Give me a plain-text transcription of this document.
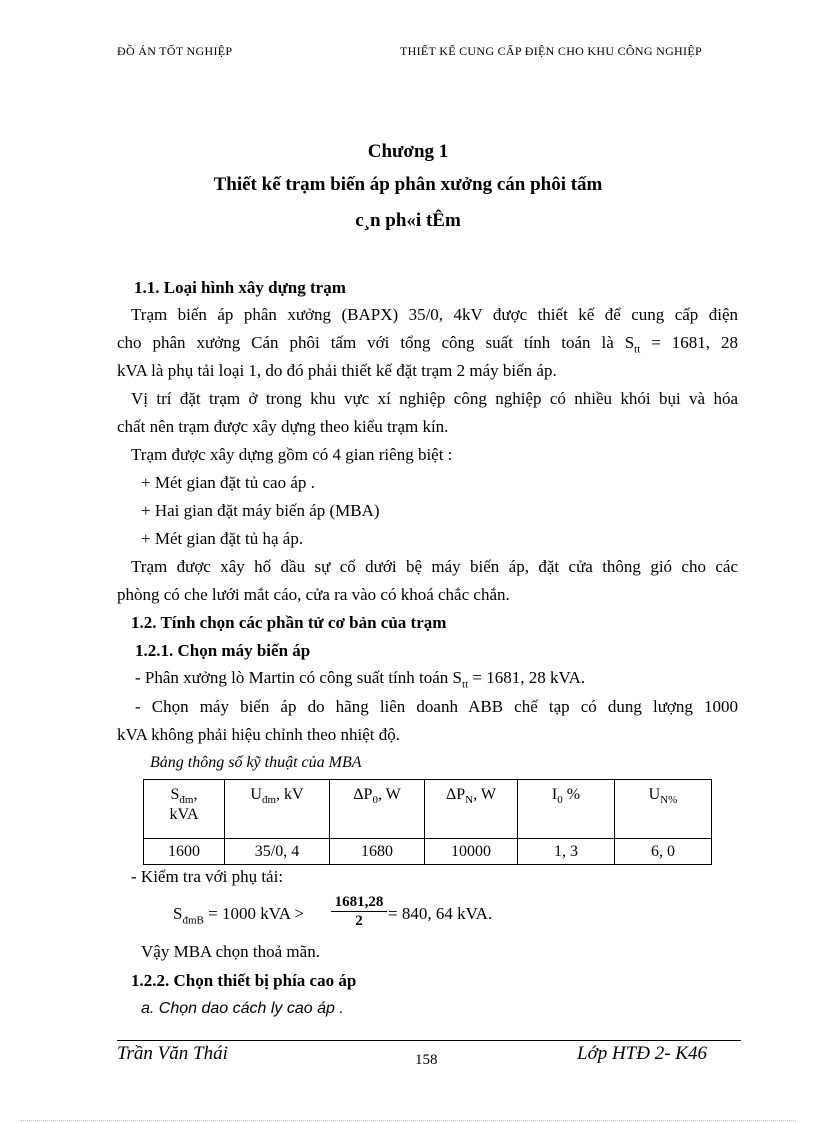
ĐỒ ÁN TỐT NGHIỆP	THIẾT KẾ CUNG CẤP ĐIỆN CHO KHU CÔNG NGHIỆP
Chương 1
Thiết kế trạm biến áp phân xưởng cán phôi tấm
c¸n ph«i tÊm
1.1. Loại hình xây dựng trạm
Trạm biến áp phân xưởng (BAPX) 35/0, 4kV được thiết kế để cung cấp điện
cho phân xưởng Cán phôi tấm với tổng công suất tính toán là $S_{tt} = 1681$, 28
kVA là phụ tải loại 1, do đó phải thiết kế đặt trạm 2 máy biến áp.
Vị trí đặt trạm ở trong khu vực xí nghiệp công nghiệp có nhiều khói bụi và hóa
chất nên trạm được xây dựng theo kiểu trạm kín.
Trạm được xây dựng gồm có 4 gian riêng biệt :
+ Mét gian đặt tủ cao áp .
+ Hai gian đặt máy biến áp (MBA)
+ Mét gian đặt tủ hạ áp.
Trạm được xây hố dầu sự cố dưới bệ máy biến áp, đặt cửa thông gió cho các
phòng có che lưới mắt cáo, cửa ra vào có khoá chắc chắn.
1.2. Tính chọn các phần tử cơ bản của trạm
1.2.1. Chọn máy biến áp
- Phân xưởng lò Martin có công suất tính toán $S_{tt} = 1681$, 28 kVA.
- Chọn máy biến áp do hãng liên doanh ABB chế tạp có dung lượng 1000
kVA không phải hiệu chỉnh theo nhiệt độ.
Bảng thông số kỹ thuật của MBA
$S_{đm}$,
kVA	$U_{đm}$, kV	$\Delta P_0$, W	$\Delta P_N$, W	$I_0$ %	$U_{N\%}$
1600	35/0, 4	1680	10000	1, 3	6, 0
- Kiểm tra với phụ tải:
$S_{đmB} = 1000$ kVA > $\frac{1681,28}{2} = 840$, 64 kVA.
Vậy MBA chọn thoả mãn.
1.2.2. Chọn thiết bị phía cao áp
a. Chọn dao cách ly cao áp .
Trần Văn Thái	158	Lớp HTĐ 2- K46
